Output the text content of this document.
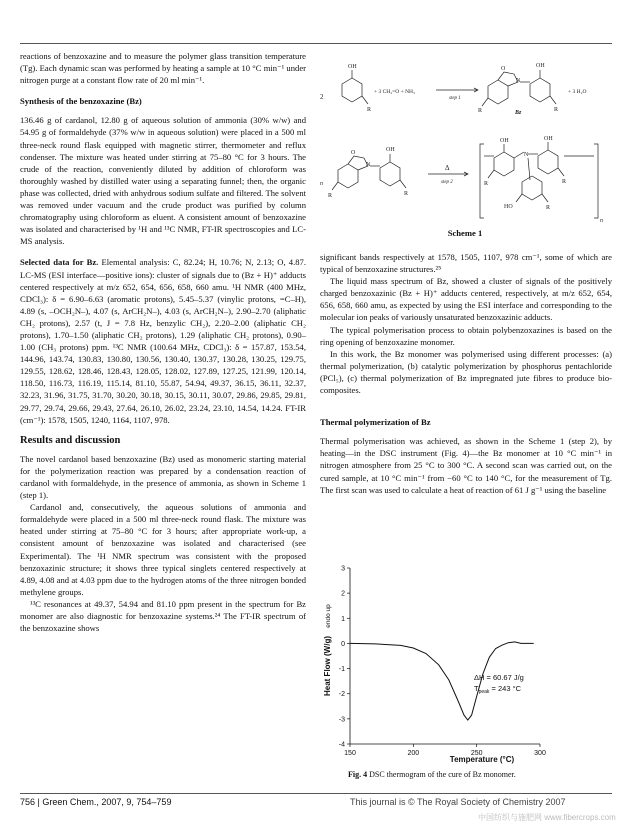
reactions of benzoxazine and to measure the polymer glass transition temperature (Tg). Each dynamic scan was performed by heating a sample at 10 °C min⁻¹ under nitrogen purge at a constant flow rate of 20 ml min⁻¹.

Synthesis of the benzoxazine (Bz)

136.46 g of cardanol, 12.80 g of aqueous solution of ammonia (30% w/w) and 54.95 g of formaldehyde (37% w/w in aqueous solution) were placed in a 500 ml three-neck round flask equipped with magnetic stirrer, thermometer and reflux condenser. The mixture was heated under stirring at 75–80 °C for 3 hours. The crude of the reaction, conveniently diluted by addition of chloroform was thoroughly washed by distilled water using a separating funnel; then, the organic phase was collected, dried with anhydrous sodium sulfate and filtered. The solvent was removed under vacuum and the crude product was purified by column chromatography using chloroform as eluent. A consistent amount of benzoxazine was isolated and characterised by ¹H and ¹³C NMR, FT-IR spectroscopies and LC-MS analysis.

Selected data for Bz. Elemental analysis: C, 82.24; H, 10.76; N, 2.13; O, 4.87. LC-MS (ESI interface—positive ions): cluster of signals due to (Bz + H)⁺ adducts centered respectively at m/z 652, 654, 656, 658, 660 amu. ¹H NMR (400 MHz, CDCl₃): δ = 6.90–6.63 (aromatic protons), 5.45–5.37 (vinylic protons, =C–H), 4.89 (s, –OCH₂N–), 4.07 (s, ArCH₂N–), 4.03 (s, ArCH₂N–), 2.90–2.70 (aliphatic CH₂ protons), 2.57 (t, J = 7.8 Hz, benzylic CH₂), 2.20–2.00 (aliphatic CH₂ protons), 1.70–1.50 (aliphatic CH₂ protons), 1.29 (aliphatic CH₂ protons), 0.90–1.00 (CH₃ protons) ppm. ¹³C NMR (100.64 MHz, CDCl₃): δ = 157.87, 153.54, 144.96, 143.74, 130.83, 130.80, 130.56, 130.40, 130.37, 130.28, 130.25, 129.75, 129.55, 128.62, 128.46, 128.43, 128.05, 128.02, 127.89, 127.25, 121.99, 120.14, 118.50, 116.73, 116.19, 115.14, 81.10, 55.87, 54.94, 49.37, 36.15, 36.11, 32.37, 32.23, 31.96, 31.75, 31.70, 30.20, 30.18, 30.15, 30.11, 30.07, 29.86, 29.85, 29.81, 29.77, 29.74, 29.66, 29.43, 27.64, 26.10, 26.02, 23.24, 23.10, 14.54, 14.24. FT-IR (cm⁻¹): 1578, 1505, 1240, 1164, 1107, 978.

Results and discussion

The novel cardanol based benzoxazine (Bz) used as monomeric starting material for the polymerization reaction was prepared by a condensation reaction of cardanol with formaldehyde, in the presence of ammonia, as shown in Scheme 1 (step 1).

Cardanol and, consecutively, the aqueous solutions of ammonia and formaldehyde were placed in a 500 ml three-neck round flask. The mixture was heated under stirring at 75–80 °C for 3 hours; after appropriate work-up, a consistent amount of benzoxazine was isolated and characterised (see Experimental). The ¹H NMR spectrum was consistent with the proposed benzoxazinic structure; it shows three typical singlets centered respectively at 4.89, 4.08 and at 4.03 ppm due to the hydrogen atoms of the three nitrogen bonded methylene groups.

¹³C resonances at 49.37, 54.94 and 81.10 ppm present in the spectrum for Bz monomer are also diagnostic for benzoxazine systems.²⁴ The FT-IR spectrum of the benzoxazine shows

2
OH
R
+ 3 CH₂=O + NH₃
step 1
O
N
OH
R
R	Bz
+ 3 H₂O
n
O
N
OH
R
R
Δ
step 2
n
OH
R
N
OH
R
HO	R
Scheme 1

significant bands respectively at 1578, 1505, 1107, 978 cm⁻¹, some of which are typical of benzoxazine structures.²⁵

The liquid mass spectrum of Bz, showed a cluster of signals of the positively charged benzoxazinic (Bz + H)⁺ adducts centered, respectively, at m/z 652, 654, 656, 658, 660 amu, as expected by using the ESI interface and corresponding to the molecular ion peaks of variously unsaturated benzoxazinic adducts.

The typical polymerisation process to obtain polybenzoxazines is based on the ring opening of benzoxazine monomer.

In this work, the Bz monomer was polymerised using different processes: (a) thermal polymerization, (b) catalytic polymerization by phosphorus pentachloride (PCl₅), (c) thermal polymerization of Bz impregnated jute fibres to produce bio-composites.

Thermal polymerization of Bz

Thermal polymerisation was achieved, as shown in the Scheme 1 (step 2), by heating—in the DSC instrument (Fig. 4)—the Bz monomer at 10 °C min⁻¹ in nitrogen atmosphere from 25 °C to 300 °C. A second scan was carried out, on the cured sample, at 10 °C min⁻¹ from −60 °C to 140 °C, for the measurement of Tg. The first scan was used to calculate a heat of reaction of 61 J g⁻¹ using the baseline

3
2
1
0
-1
-2
-3
-4
150	200	250	300
Heat Flow (W/g)
endo up
Temperature (°C)
ΔH = 60.67 J/g
$T_{peak} = 243$ °C
Fig. 4 DSC thermogram of the cure of Bz monomer.
756 | Green Chem., 2007, 9, 754–759	This journal is © The Royal Society of Chemistry 2007
中国纺织与施肥网 www.fibercrops.com
